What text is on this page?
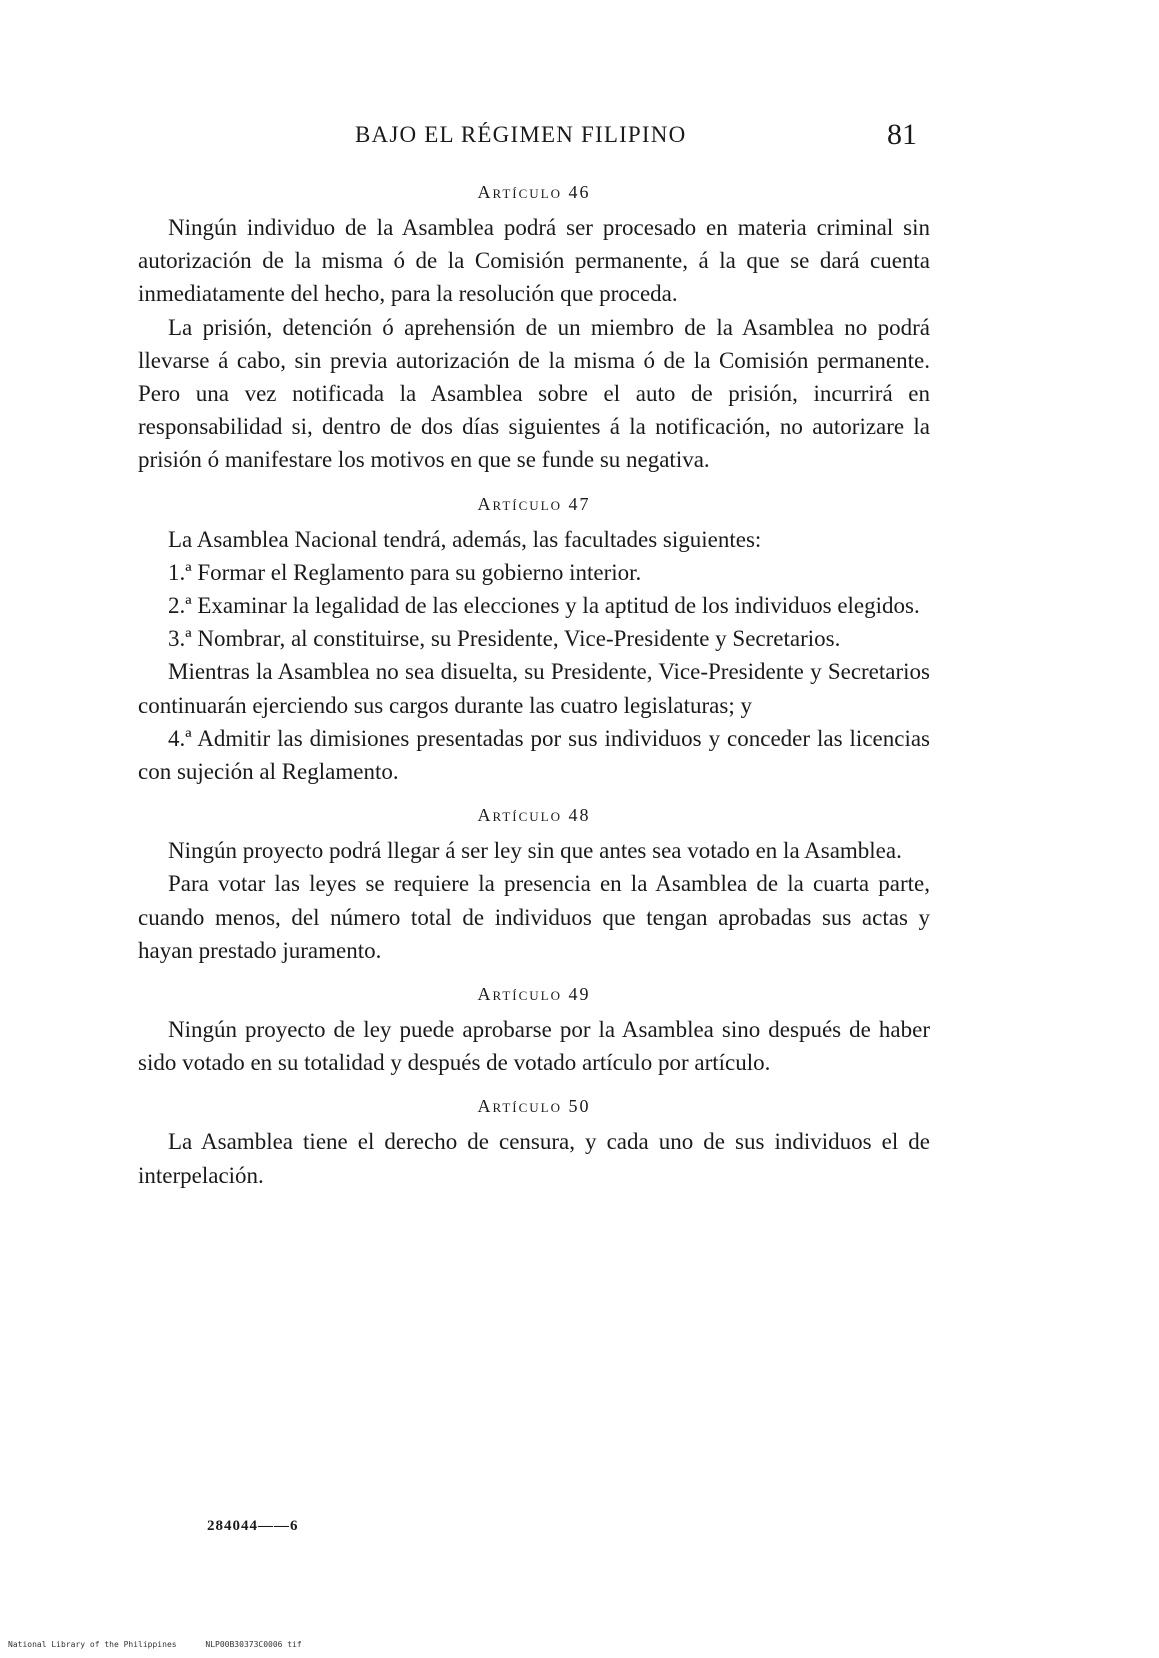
BAJO EL RÉGIMEN FILIPINO	81

Artículo 46

Ningún individuo de la Asamblea podrá ser procesado en materia criminal sin autorización de la misma ó de la Comisión permanente, á la que se dará cuenta inmediatamente del hecho, para la resolución que proceda.

La prisión, detención ó aprehensión de un miembro de la Asamblea no podrá llevarse á cabo, sin previa autorización de la misma ó de la Comisión permanente. Pero una vez notificada la Asamblea sobre el auto de prisión, incurrirá en responsabilidad si, dentro de dos días siguientes á la notificación, no autorizare la prisión ó manifestare los motivos en que se funde su negativa.

Artículo 47

La Asamblea Nacional tendrá, además, las facultades siguientes:

1.ª Formar el Reglamento para su gobierno interior.

2.ª Examinar la legalidad de las elecciones y la aptitud de los individuos elegidos.

3.ª Nombrar, al constituirse, su Presidente, Vice-Presidente y Secretarios.

Mientras la Asamblea no sea disuelta, su Presidente, Vice-Presidente y Secretarios continuarán ejerciendo sus cargos durante las cuatro legislaturas; y

4.ª Admitir las dimisiones presentadas por sus individuos y conceder las licencias con sujeción al Reglamento.

Artículo 48

Ningún proyecto podrá llegar á ser ley sin que antes sea votado en la Asamblea.

Para votar las leyes se requiere la presencia en la Asamblea de la cuarta parte, cuando menos, del número total de individuos que tengan aprobadas sus actas y hayan prestado juramento.

Artículo 49

Ningún proyecto de ley puede aprobarse por la Asamblea sino después de haber sido votado en su totalidad y después de votado artículo por artículo.

Artículo 50

La Asamblea tiene el derecho de censura, y cada uno de sus individuos el de interpelación.

284044——6
National Library of the Philippines	NLP00B30373C0006 tif
